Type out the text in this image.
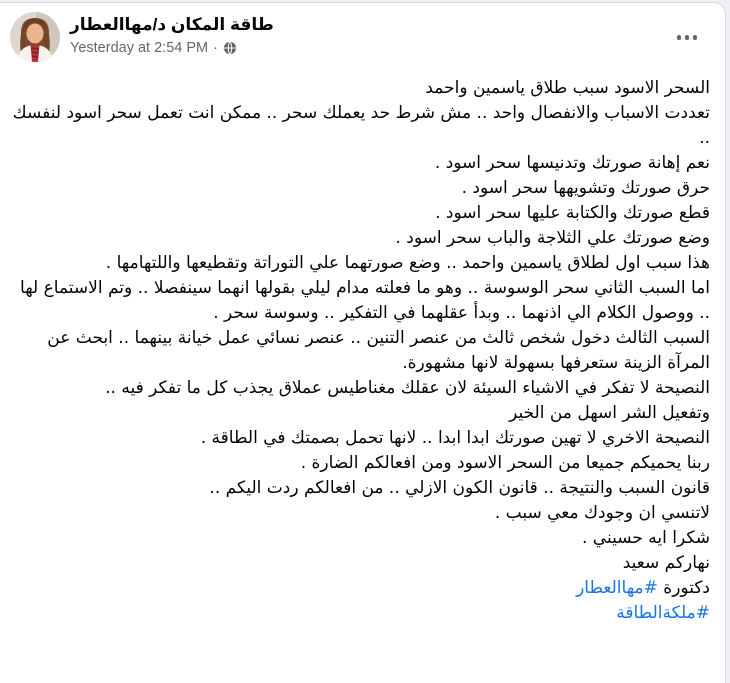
طاقة المكان د/مهاالعطار
Yesterday at 2:54 PM ·
السحر الاسود سبب طلاق ياسمين واحمد
تعددت الاسباب والانفصال واحد .. مش شرط حد يعملك سحر .. ممكن انت تعمل سحر اسود لنفسك ..
نعم إهانة صورتك وتدنيسها سحر اسود .
حرق صورتك وتشويهها سحر اسود .
قطع صورتك والكتابة عليها سحر اسود .
وضع صورتك علي الثلاجة والباب سحر اسود .
هذا سبب اول لطلاق ياسمين واحمد .. وضع صورتهما علي التوراتة وتقطيعها واللتهامها .
اما السبب الثاني سحر الوسوسة .. وهو ما فعلته مدام ليلي بقولها انهما سينفصلا .. وتم الاستماع لها .. ووصول الكلام الي اذنهما .. وبدأ عقلهما في التفكير .. وسوسة سحر .
السبب الثالث دخول شخص ثالث من عنصر التنين .. عنصر نسائي عمل خيانة بينهما .. ابحث عن المرآة الزينة ستعرفها بسهولة لانها مشهورة.
النصيحة لا تفكر في الاشياء السيئة لان عقلك مغناطيس عملاق يجذب كل ما تفكر فيه ..
وتفعيل الشر اسهل من الخير
النصيحة الاخري لا تهين صورتك ابدا ابدا .. لانها تحمل بصمتك في الطاقة .
ربنا يحميكم جميعا من السحر الاسود ومن افعالكم الضارة .
قانون السبب والنتيجة .. قانون الكون الازلي .. من افعالكم ردت اليكم ..
لاتنسي ان وجودك معي سبب .
شكرا ايه حسيني .
نهاركم سعيد
دكتورة #مهاالعطار
#ملكةالطاقة
